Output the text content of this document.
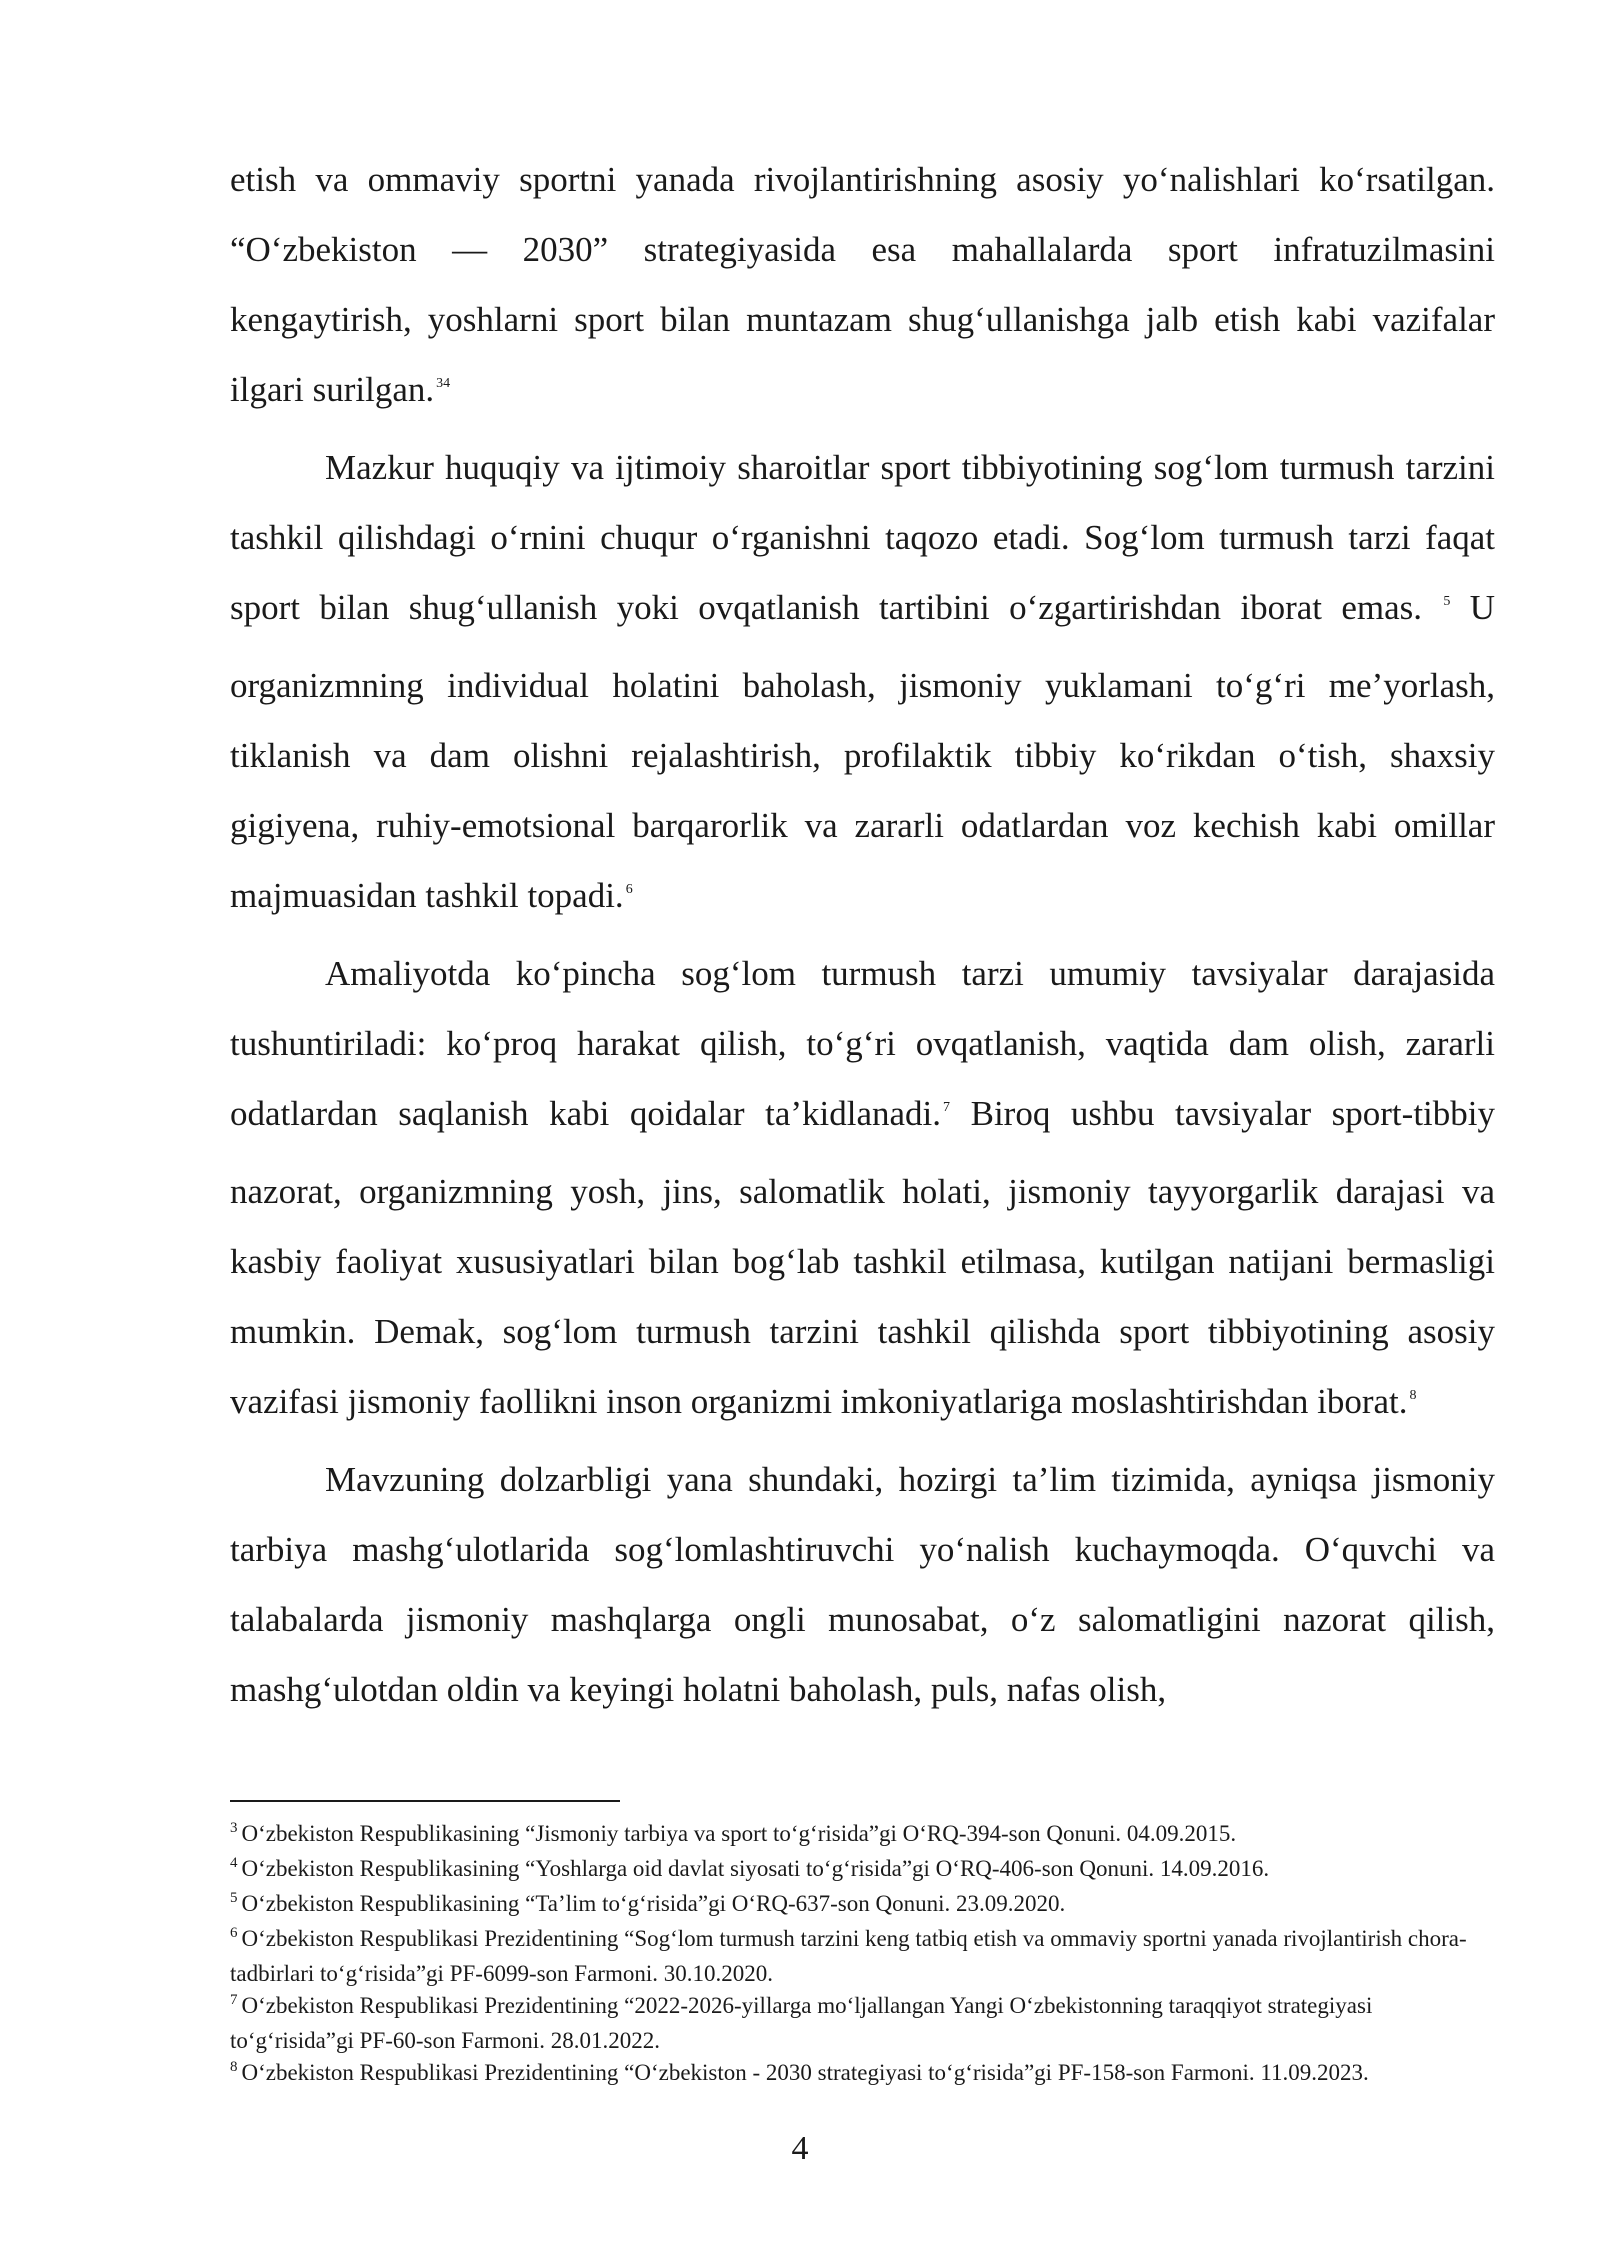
etish va ommaviy sportni yanada rivojlantirishning asosiy yo‘nalishlari ko‘rsatilgan. “O‘zbekiston — 2030” strategiyasida esa mahallalarda sport infratuzilmasini kengaytirish, yoshlarni sport bilan muntazam shug‘ullanishga jalb etish kabi vazifalar ilgari surilgan. $^{34}$

Mazkur huquqiy va ijtimoiy sharoitlar sport tibbiyotining sog‘lom turmush tarzini tashkil qilishdagi o‘rnini chuqur o‘rganishni taqozo etadi. Sog‘lom turmush tarzi faqat sport bilan shug‘ullanish yoki ovqatlanish tartibini o‘zgartirishdan iborat emas. $^5$ U organizmning individual holatini baholash, jismoniy yuklamani to‘g‘ri me’yorlash, tiklanish va dam olishni rejalashtirish, profilaktik tibbiy ko‘rikdan o‘tish, shaxsiy gigiyena, ruhiy-emotsional barqarorlik va zararli odatlardan voz kechish kabi omillar majmuasidan tashkil topadi. $^6$

Amaliyotda ko‘pincha sog‘lom turmush tarzi umumiy tavsiyalar darajasida tushuntiriladi: ko‘proq harakat qilish, to‘g‘ri ovqatlanish, vaqtida dam olish, zararli odatlardan saqlanish kabi qoidalar ta’kidlanadi. $^7$ Biroq ushbu tavsiyalar sport-tibbiy nazorat, organizmning yosh, jins, salomatlik holati, jismoniy tayyorgarlik darajasi va kasbiy faoliyat xususiyatlari bilan bog‘lab tashkil etilmasa, kutilgan natijani bermasligi mumkin. Demak, sog‘lom turmush tarzini tashkil qilishda sport tibbiyotining asosiy vazifasi jismoniy faollikni inson organizmi imkoniyatlariga moslashtirishdan iborat. $^8$

Mavzuning dolzarbligi yana shundaki, hozirgi ta’lim tizimida, ayniqsa jismoniy tarbiya mashg‘ulotlarida sog‘lomlashtiruvchi yo‘nalish kuchaymoqda. O‘quvchi va talabalarda jismoniy mashqlarga ongli munosabat, o‘z salomatligini nazorat qilish, mashg‘ulotdan oldin va keyingi holatni baholash, puls, nafas olish,

$^3$ O‘zbekiston Respublikasining “Jismoniy tarbiya va sport to‘g‘risida”gi O‘RQ-394-son Qonuni. 04.09.2015.

$^4$ O‘zbekiston Respublikasining “Yoshlarga oid davlat siyosati to‘g‘risida”gi O‘RQ-406-son Qonuni. 14.09.2016.

$^5$ O‘zbekiston Respublikasining “Ta’lim to‘g‘risida”gi O‘RQ-637-son Qonuni. 23.09.2020.

$^6$ O‘zbekiston Respublikasi Prezidentining “Sog‘lom turmush tarzini keng tatbiq etish va ommaviy sportni yanada rivojlantirish chora-tadbirlari to‘g‘risida”gi PF-6099-son Farmoni. 30.10.2020.

$^7$ O‘zbekiston Respublikasi Prezidentining “2022-2026-yillarga mo‘ljallangan Yangi O‘zbekistonning taraqqiyot strategiyasi to‘g‘risida”gi PF-60-son Farmoni. 28.01.2022.

$^8$ O‘zbekiston Respublikasi Prezidentining “O‘zbekiston - 2030 strategiyasi to‘g‘risida”gi PF-158-son Farmoni. 11.09.2023.

4
